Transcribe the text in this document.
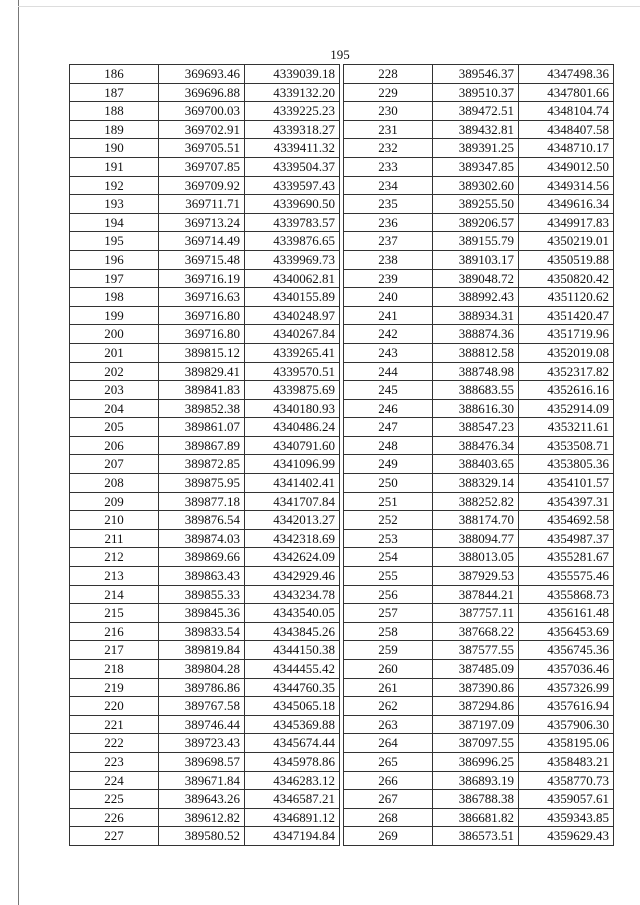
195
186	369693.46	4339039.18
187	369696.88	4339132.20
188	369700.03	4339225.23
189	369702.91	4339318.27
190	369705.51	4339411.32
191	369707.85	4339504.37
192	369709.92	4339597.43
193	369711.71	4339690.50
194	369713.24	4339783.57
195	369714.49	4339876.65
196	369715.48	4339969.73
197	369716.19	4340062.81
198	369716.63	4340155.89
199	369716.80	4340248.97
200	369716.80	4340267.84
201	389815.12	4339265.41
202	389829.41	4339570.51
203	389841.83	4339875.69
204	389852.38	4340180.93
205	389861.07	4340486.24
206	389867.89	4340791.60
207	389872.85	4341096.99
208	389875.95	4341402.41
209	389877.18	4341707.84
210	389876.54	4342013.27
211	389874.03	4342318.69
212	389869.66	4342624.09
213	389863.43	4342929.46
214	389855.33	4343234.78
215	389845.36	4343540.05
216	389833.54	4343845.26
217	389819.84	4344150.38
218	389804.28	4344455.42
219	389786.86	4344760.35
220	389767.58	4345065.18
221	389746.44	4345369.88
222	389723.43	4345674.44
223	389698.57	4345978.86
224	389671.84	4346283.12
225	389643.26	4346587.21
226	389612.82	4346891.12
227	389580.52	4347194.84
228	389546.37	4347498.36
229	389510.37	4347801.66
230	389472.51	4348104.74
231	389432.81	4348407.58
232	389391.25	4348710.17
233	389347.85	4349012.50
234	389302.60	4349314.56
235	389255.50	4349616.34
236	389206.57	4349917.83
237	389155.79	4350219.01
238	389103.17	4350519.88
239	389048.72	4350820.42
240	388992.43	4351120.62
241	388934.31	4351420.47
242	388874.36	4351719.96
243	388812.58	4352019.08
244	388748.98	4352317.82
245	388683.55	4352616.16
246	388616.30	4352914.09
247	388547.23	4353211.61
248	388476.34	4353508.71
249	388403.65	4353805.36
250	388329.14	4354101.57
251	388252.82	4354397.31
252	388174.70	4354692.58
253	388094.77	4354987.37
254	388013.05	4355281.67
255	387929.53	4355575.46
256	387844.21	4355868.73
257	387757.11	4356161.48
258	387668.22	4356453.69
259	387577.55	4356745.36
260	387485.09	4357036.46
261	387390.86	4357326.99
262	387294.86	4357616.94
263	387197.09	4357906.30
264	387097.55	4358195.06
265	386996.25	4358483.21
266	386893.19	4358770.73
267	386788.38	4359057.61
268	386681.82	4359343.85
269	386573.51	4359629.43
